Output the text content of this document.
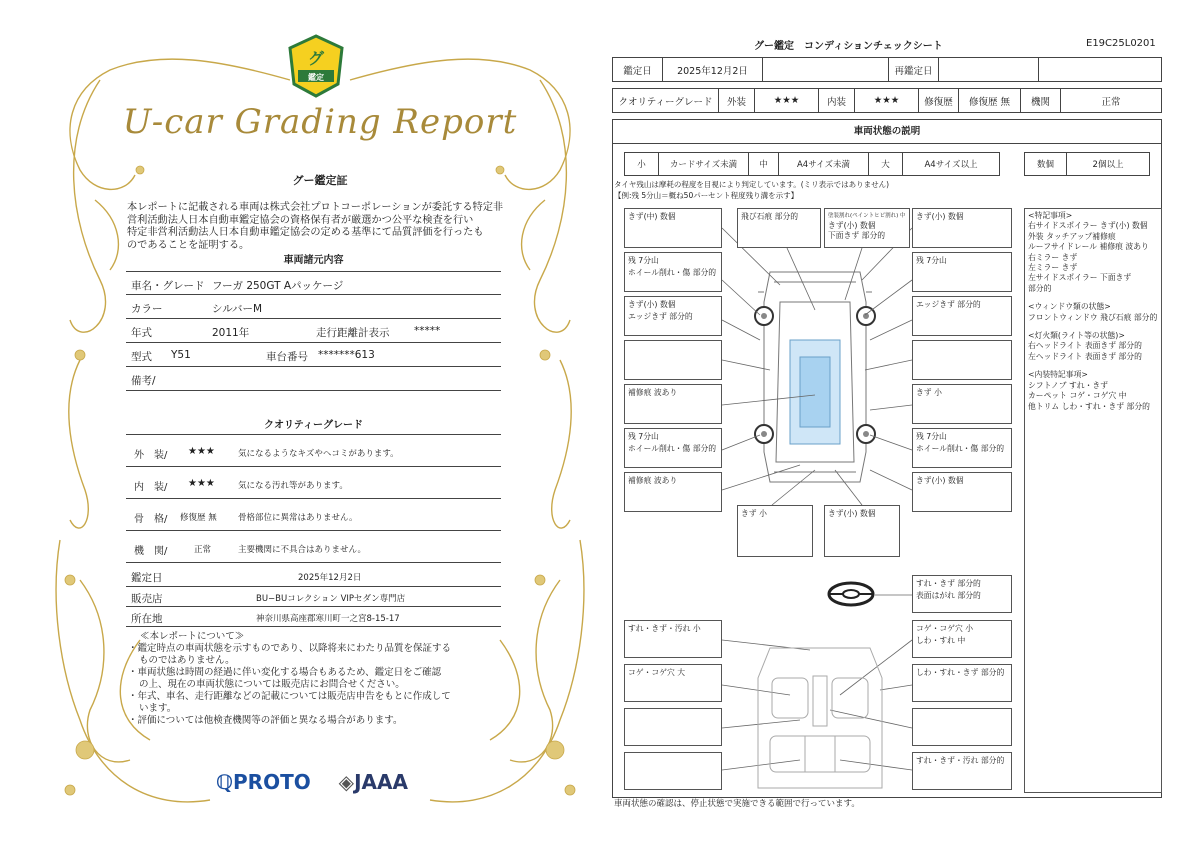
グ
鑑定
U-car Grading Report
グー鑑定証
本レポートに記載される車両は株式会社プロトコーポレーションが委託する特定非
営利活動法人日本自動車鑑定協会の資格保有者が厳選かつ公平な検査を行い
特定非営利活動法人日本自動車鑑定協会の定める基準にて品質評価を行ったも
のであることを証明する。
車両諸元内容
車名・グレード フーガ 250GT Aパッケージ
カラー	シルバーM
年式	2011年	走行距離計表示 *****
型式 Y51	車台番号 *******613
備考/
クオリティーグレード
外　装/ ★★★	気になるようなキズやヘコミがあります。
内　装/ ★★★	気になる汚れ等があります。
骨　格/ 修復歴 無	骨格部位に異常はありません。
機　関/	正常	主要機関に不具合はありません。
鑑定日	2025年12月2日
販売店	BU−BUコレクション VIPセダン専門店
所在地	神奈川県高座郡寒川町一之宮8-15-17
≪本レポートについて≫
・鑑定時点の車両状態を示すものであり、以降将来にわたり品質を保証する
ものではありません。
・車両状態は時間の経過に伴い変化する場合もあるため、鑑定日をご確認
の上、現在の車両状態については販売店にお問合せください。
・年式、車名、走行距離などの記載については販売店申告をもとに作成して
います。
・評価については他検査機関等の評価と異なる場合があります。
ℚPROTO ◈JAAA
グー鑑定　コンディションチェックシート	E19C25L0201
鑑定日	2025年12月2日		再鑑定日		
クオリティーグレード	外装	★★★	内装	★★★	修復歴	修復歴 無	機関	正常
車両状態の説明
小	カードサイズ未満	中	A4サイズ未満	大	A4サイズ以上	数個	2個以上
タイヤ残山は摩耗の程度を目視により判定しています。(ミリ表示ではありません)
【例:残 5分山＝概ね50パーセント程度残り溝を示す】
きず(中) 数個	飛び石痕 部分的	塗装割れ(ペイントヒビ割れ) 中
きず(小) 数個
下面きず 部分的
きず(小) 数個
残 7分山
ホイール削れ・傷 部分的
残 7分山
きず(小) 数個
エッジきず 部分的
エッジきず 部分的
補修痕 波あり	きず 小
残 7分山
ホイール削れ・傷 部分的
残 7分山
ホイール削れ・傷 部分的
補修痕 波あり	きず(小) 数個
きず 小	きず(小) 数個
すれ・きず 部分的
表面はがれ 部分的
すれ・きず・汚れ 小	コゲ・コゲ穴 小
しわ・すれ 中
コゲ・コゲ穴 大	しわ・すれ・きず 部分的
すれ・きず・汚れ 部分的
<特記事項>
右サイドスポイラー きず(小) 数個
外装 タッチアップ補修痕
ルーフサイドレール 補修痕 波あり
右ミラー きず
左ミラー きず
左サイドスポイラー 下面きず
部分的
<ウィンドウ類の状態>
フロントウィンドウ 飛び石痕 部分的
<灯火類(ライト等の状態)>
右ヘッドライト 表面きず 部分的
左ヘッドライト 表面きず 部分的
<内装特記事項>
シフトノブ すれ・きず
カーペット コゲ・コゲ穴 中
他トリム しわ・すれ・きず 部分的
車両状態の確認は、停止状態で実施できる範囲で行っています。
